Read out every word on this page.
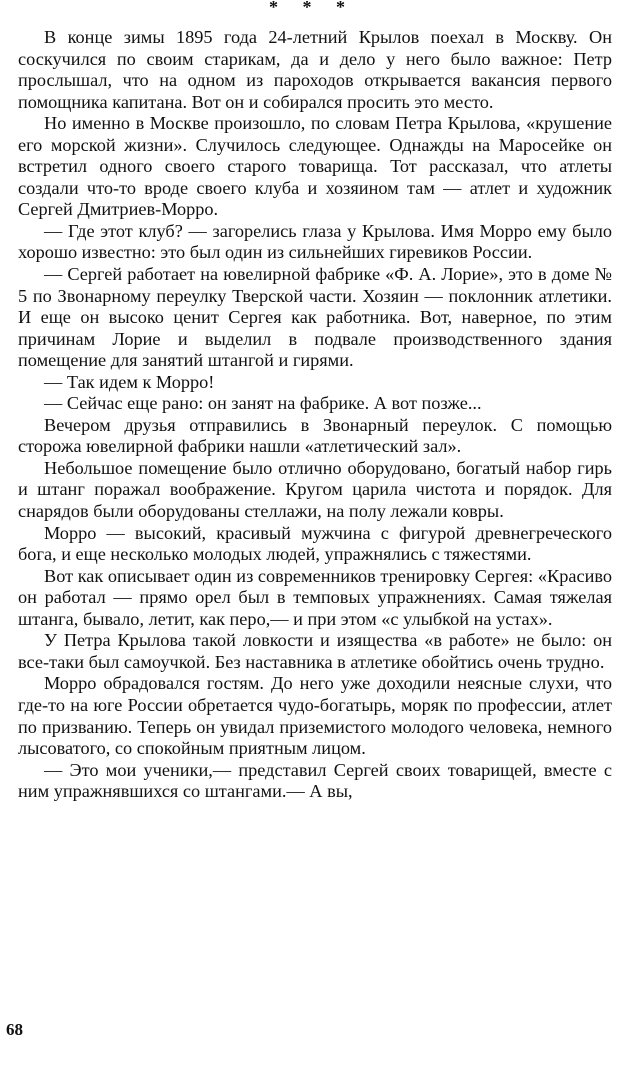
* * *

В конце зимы 1895 года 24-летний Крылов поехал в Москву. Он соскучился по своим старикам, да и дело у него было важное: Петр прослышал, что на одном из пароходов открывается вакансия первого помощника капитана. Вот он и собирался просить это место.

Но именно в Москве произошло, по словам Петра Крылова, «крушение его морской жизни». Случилось следующее. Однажды на Маросейке он встретил одного своего старого товарища. Тот рассказал, что атлеты создали что-то вроде своего клуба и хозяином там — атлет и художник Сергей Дмитриев-Морро.

— Где этот клуб? — загорелись глаза у Крылова. Имя Морро ему было хорошо известно: это был один из сильнейших гиревиков России.

— Сергей работает на ювелирной фабрике «Ф. А. Лорие», это в доме № 5 по Звонарному переулку Тверской части. Хозяин — поклонник атлетики. И еще он высоко ценит Сергея как работника. Вот, наверное, по этим причинам Лорие и выделил в подвале производственного здания помещение для занятий штангой и гирями.

— Так идем к Морро!

— Сейчас еще рано: он занят на фабрике. А вот позже...

Вечером друзья отправились в Звонарный переулок. С помощью сторожа ювелирной фабрики нашли «атлетический зал».

Небольшое помещение было отлично оборудовано, богатый набор гирь и штанг поражал воображение. Кругом царила чистота и порядок. Для снарядов были оборудованы стеллажи, на полу лежали ковры.

Морро — высокий, красивый мужчина с фигурой древнегреческого бога, и еще несколько молодых людей, упражнялись с тяжестями.

Вот как описывает один из современников тренировку Сергея: «Красиво он работал — прямо орел был в темповых упражнениях. Самая тяжелая штанга, бывало, летит, как перо,— и при этом «с улыбкой на устах».

У Петра Крылова такой ловкости и изящества «в работе» не было: он все-таки был самоучкой. Без наставника в атлетике обойтись очень трудно.

Морро обрадовался гостям. До него уже доходили неясные слухи, что где-то на юге России обретается чудо-богатырь, моряк по профессии, атлет по призванию. Теперь он увидал приземистого молодого человека, немного лысоватого, со спокойным приятным лицом.

— Это мои ученики,— представил Сергей своих товарищей, вместе с ним упражнявшихся со штангами.— А вы,

68
